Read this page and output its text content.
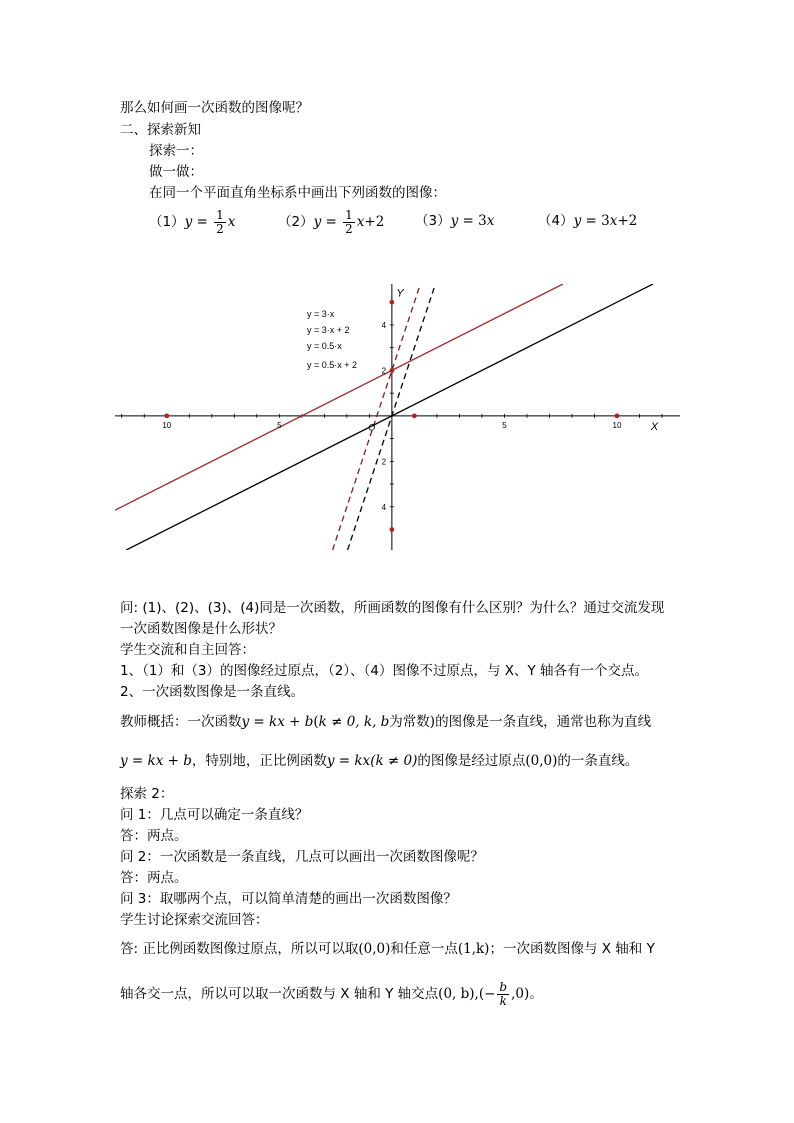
那么如何画一次函数的图像呢？
二、探索新知
探索一：
做一做：
在同一个平面直角坐标系中画出下列函数的图像：
$(1)y = \frac{1}{2}$ x	$(2)y = \frac{1}{2} x+2$ （3）y = 3x	（4）y = 3x+2
10	5	5	10
4
2
2
4
X
Y
O
y = 3·x
y = 3·x + 2
y = 0.5·x
y = 0.5·x + 2
问: (1)、(2)、(3)、(4)同是一次函数，所画函数的图像有什么区别？为什么？通过交流发现
一次函数图像是什么形状？
学生交流和自主回答：
1、（1）和（3）的图像经过原点，（2）、（4）图像不过原点，与 X、Y 轴各有一个交点。
2、一次函数图像是一条直线。
教师概括：一次函数y = kx + b(k ≠ 0, k, b为常数)的图像是一条直线，通常也称为直线
y = kx + b，特别地，正比例函数y = kx(k ≠ 0)的图像是经过原点(0,0)的一条直线。
探索 2：
问 1：几点可以确定一条直线？
答：两点。
问 2：一次函数是一条直线，几点可以画出一次函数图像呢？
答：两点。
问 3：取哪两个点，可以简单清楚的画出一次函数图像？
学生讨论探索交流回答：
答: 正比例函数图像过原点，所以可以取(0,0)和任意一点(1,k)；一次函数图像与 X 轴和 Y
轴各交一点，所以可以取一次函数与 X 轴和 Y 轴交点(0, $b),(- \frac{b}{k} ,0)$。
